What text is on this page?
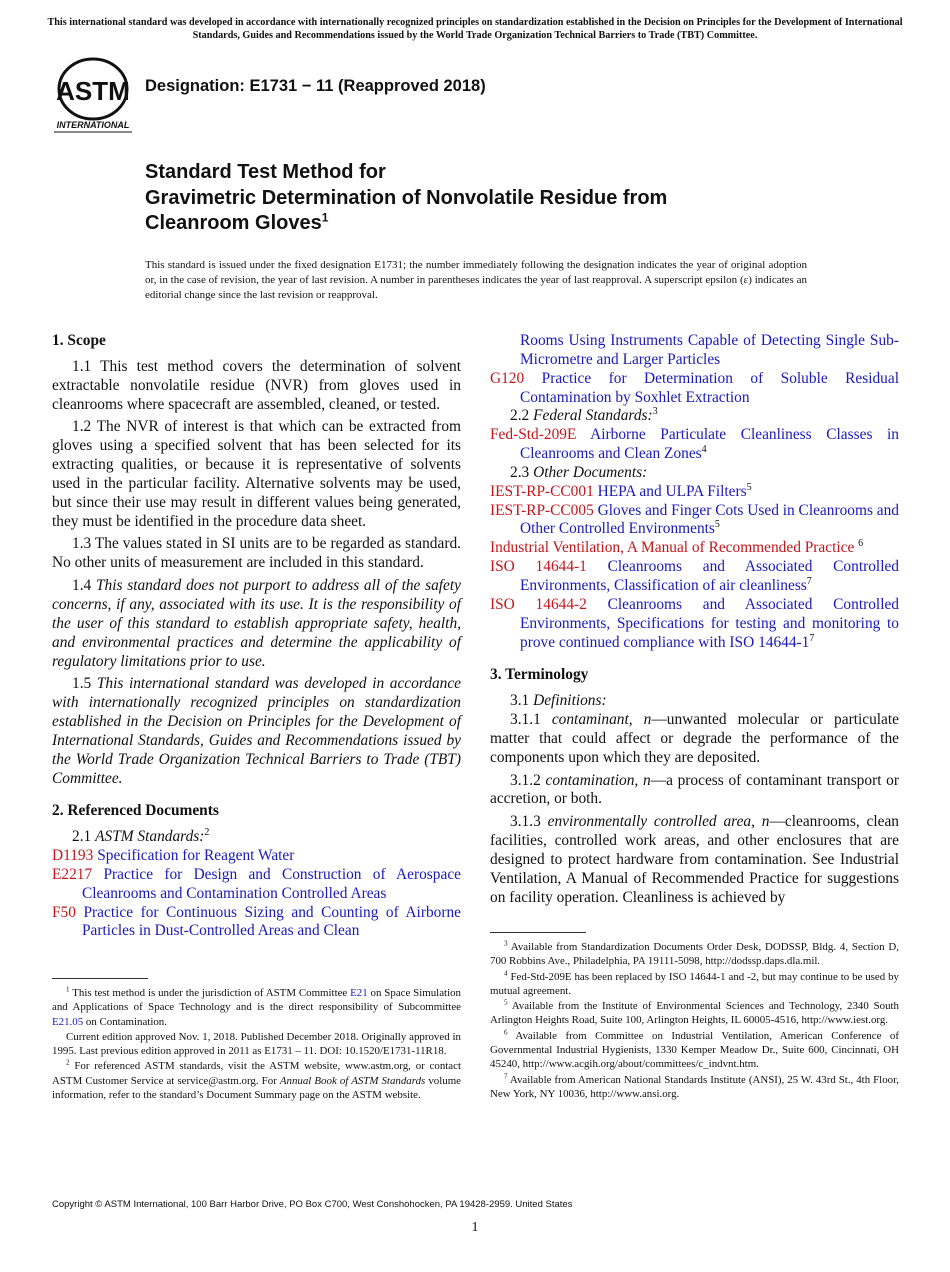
This international standard was developed in accordance with internationally recognized principles on standardization established in the Decision on Principles for the Development of International Standards, Guides and Recommendations issued by the World Trade Organization Technical Barriers to Trade (TBT) Committee.
ASTM
INTERNATIONAL
Designation: E1731 − 11 (Reapproved 2018)
Standard Test Method for
Gravimetric Determination of Nonvolatile Residue from
Cleanroom Gloves$^1$
This standard is issued under the fixed designation E1731; the number immediately following the designation indicates the year of original adoption or, in the case of revision, the year of last revision. A number in parentheses indicates the year of last reapproval. A superscript epsilon (ε) indicates an editorial change since the last revision or reapproval.
1. Scope

1.1 This test method covers the determination of solvent extractable nonvolatile residue (NVR) from gloves used in cleanrooms where spacecraft are assembled, cleaned, or tested.

1.2 The NVR of interest is that which can be extracted from gloves using a specified solvent that has been selected for its extracting qualities, or because it is representative of solvents used in the particular facility. Alternative solvents may be used, but since their use may result in different values being generated, they must be identified in the procedure data sheet.

1.3 The values stated in SI units are to be regarded as standard. No other units of measurement are included in this standard.

1.4 This standard does not purport to address all of the safety concerns, if any, associated with its use. It is the responsibility of the user of this standard to establish appropriate safety, health, and environmental practices and determine the applicability of regulatory limitations prior to use.

1.5 This international standard was developed in accordance with internationally recognized principles on standardization established in the Decision on Principles for the Development of International Standards, Guides and Recommendations issued by the World Trade Organization Technical Barriers to Trade (TBT) Committee.

2. Referenced Documents

2.1 ASTM Standards:$^2$

D1193 Specification for Reagent Water

E2217 Practice for Design and Construction of Aerospace Cleanrooms and Contamination Controlled Areas

F50 Practice for Continuous Sizing and Counting of Airborne Particles in Dust-Controlled Areas and Clean

Rooms Using Instruments Capable of Detecting Single Sub-Micrometre and Larger Particles

G120 Practice for Determination of Soluble Residual Contamination by Soxhlet Extraction

2.2 Federal Standards:$^3$

Fed-Std-209E Airborne Particulate Cleanliness Classes in Cleanrooms and Clean Zones$^4$

2.3 Other Documents:

IEST-RP-CC001 HEPA and ULPA Filters$^5$

IEST-RP-CC005 Gloves and Finger Cots Used in Cleanrooms and Other Controlled Environments$^5$

Industrial Ventilation, A Manual of Recommended Practice $^6$

ISO 14644-1 Cleanrooms and Associated Controlled Environments, Classification of air cleanliness$^7$

ISO 14644-2 Cleanrooms and Associated Controlled Environments, Specifications for testing and monitoring to prove continued compliance with ISO $14644-1^7$

3. Terminology

3.1 Definitions:

3.1.1 contaminant, n—unwanted molecular or particulate matter that could affect or degrade the performance of the components upon which they are deposited.

3.1.2 contamination, n—a process of contaminant transport or accretion, or both.

3.1.3 environmentally controlled area, n—cleanrooms, clean facilities, controlled work areas, and other enclosures that are designed to protect hardware from contamination. See Industrial Ventilation, A Manual of Recommended Practice for suggestions on facility operation. Cleanliness is achieved by

$^1$ This test method is under the jurisdiction of ASTM Committee E21 on Space Simulation and Applications of Space Technology and is the direct responsibility of Subcommittee E21.05 on Contamination.

Current edition approved Nov. 1, 2018. Published December 2018. Originally approved in 1995. Last previous edition approved in 2011 as E1731 – 11. DOI: 10.1520/E1731-11R18.

$^2$ For referenced ASTM standards, visit the ASTM website, www.astm.org, or contact ASTM Customer Service at service@astm.org. For Annual Book of ASTM Standards volume information, refer to the standard’s Document Summary page on the ASTM website.

$^3$ Available from Standardization Documents Order Desk, DODSSP, Bldg. 4, Section D, 700 Robbins Ave., Philadelphia, PA 19111-5098, http://dodssp.daps.dla.mil.

$^4$ Fed-Std-209E has been replaced by ISO 14644-1 and -2, but may continue to be used by mutual agreement.

$^5$ Available from the Institute of Environmental Sciences and Technology, 2340 South Arlington Heights Road, Suite 100, Arlington Heights, IL 60005-4516, http://www.iest.org.

$^6$ Available from Committee on Industrial Ventilation, American Conference of Governmental Industrial Hygienists, 1330 Kemper Meadow Dr., Suite 600, Cincinnati, OH 45240, http://www.acgih.org/about/committees/c_indvnt.htm.

$^7$ Available from American National Standards Institute (ANSI), 25 W. 43rd St., 4th Floor, New York, NY 10036, http://www.ansi.org.

Copyright © ASTM International, 100 Barr Harbor Drive, PO Box C700, West Conshohocken, PA 19428-2959. United States
1
